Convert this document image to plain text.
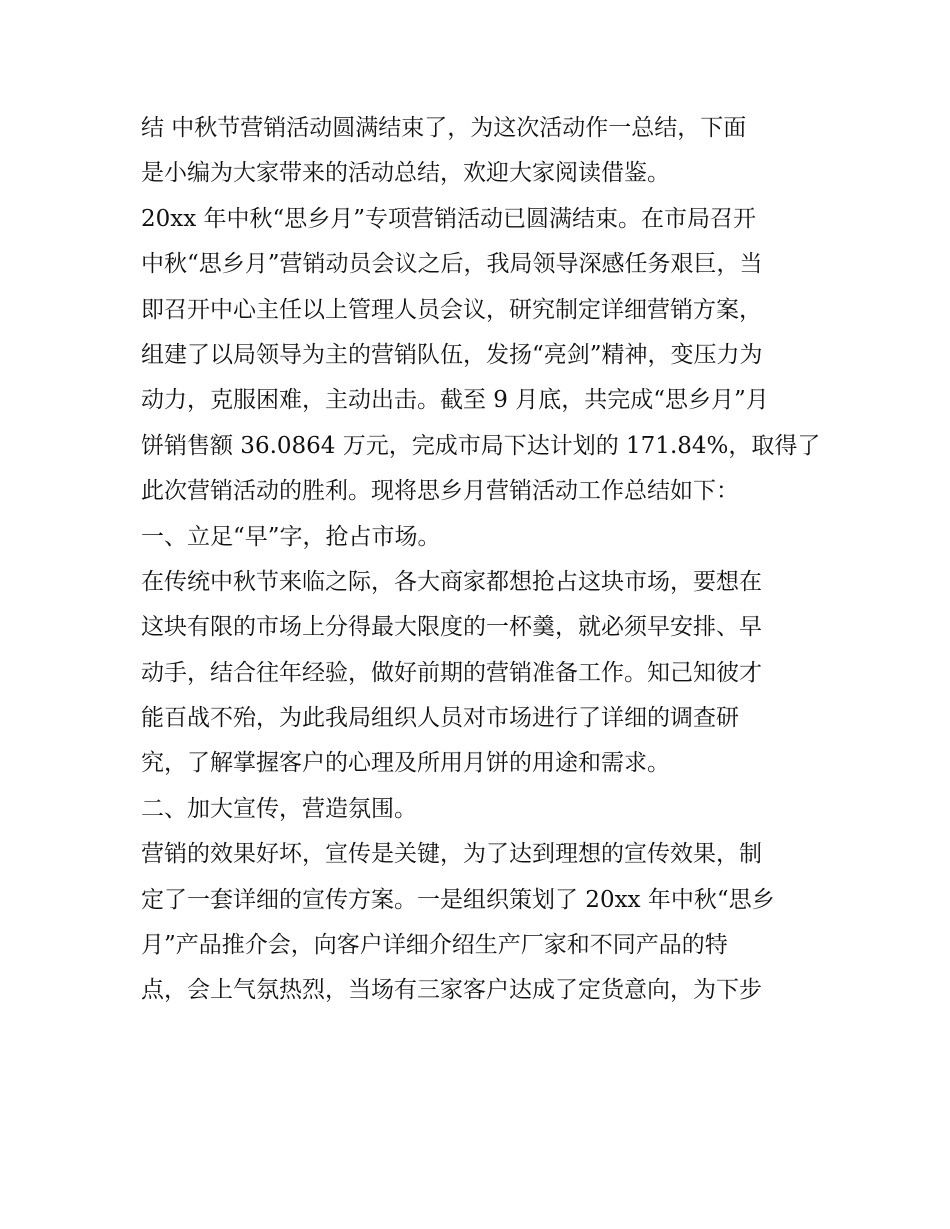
结 中秋节营销活动圆满结束了，为这次活动作一总结，下面
是小编为大家带来的活动总结，欢迎大家阅读借鉴。
20xx 年中秋“思乡月”专项营销活动已圆满结束。在市局召开
中秋“思乡月”营销动员会议之后，我局领导深感任务艰巨，当
即召开中心主任以上管理人员会议，研究制定详细营销方案，
组建了以局领导为主的营销队伍，发扬“亮剑”精神，变压力为
动力，克服困难，主动出击。截至 9 月底，共完成“思乡月”月
饼销售额 36.0864 万元，完成市局下达计划的 171.84%，取得了
此次营销活动的胜利。现将思乡月营销活动工作总结如下：
一、立足“早”字，抢占市场。
在传统中秋节来临之际，各大商家都想抢占这块市场，要想在
这块有限的市场上分得最大限度的一杯羹，就必须早安排、早
动手，结合往年经验，做好前期的营销准备工作。知己知彼才
能百战不殆，为此我局组织人员对市场进行了详细的调查研
究，了解掌握客户的心理及所用月饼的用途和需求。
二、加大宣传，营造氛围。
营销的效果好坏，宣传是关键，为了达到理想的宣传效果，制
定了一套详细的宣传方案。一是组织策划了 20xx 年中秋“思乡
月”产品推介会，向客户详细介绍生产厂家和不同产品的特
点，会上气氛热烈，当场有三家客户达成了定货意向，为下步
